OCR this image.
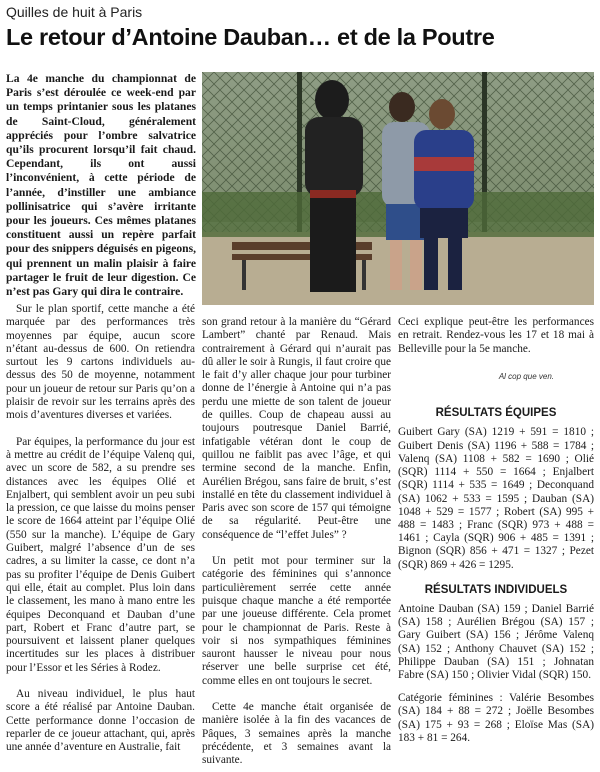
Quilles de huit à Paris
Le retour d’Antoine Dauban… et de la Poutre
La 4e manche du championnat de Paris s’est déroulée ce week-end par un temps printanier sous les platanes de Saint-Cloud, généralement appréciés pour l’ombre salvatrice qu’ils procurent lorsqu’il fait chaud. Cependant, ils ont aussi l’inconvénient, à cette période de l’année, d’instiller une ambiance pollinisatrice qui s’avère irritante pour les joueurs. Ces mêmes platanes constituent aussi un repère parfait pour des snippers déguisés en pigeons, qui prennent un malin plaisir à faire partager le fruit de leur digestion. Ce n’est pas Gary qui dira le contraire.

Sur le plan sportif, cette manche a été marquée par des performances très moyennes par équipe, aucun score n’étant au-dessus de 600. On retiendra surtout les 9 cartons individuels au-dessus des 50 de moyenne, notamment pour un joueur de retour sur Paris qu’on a plaisir de revoir sur les terrains après des mois d’aventures diverses et variées.

Par équipes, la performance du jour est à mettre au crédit de l’équipe Valenq qui, avec un score de 582, a su prendre ses distances avec les équipes Olié et Enjalbert, qui semblent avoir un peu subi la pression, ce que laisse du moins penser le score de 1664 atteint par l’équipe Olié (550 sur la manche). L’équipe de Gary Guibert, malgré l’absence d’un de ses cadres, a su limiter la casse, ce dont n’a pas su profiter l’équipe de Denis Guibert qui elle, était au complet. Plus loin dans le classement, les mano à mano entre les équipes Deconquand et Dauban d’une part, Robert et Franc d’autre part, se poursuivent et laissent planer quelques incertitudes sur les places à distribuer pour l’Essor et les Séries à Rodez.

Au niveau individuel, le plus haut score a été réalisé par Antoine Dauban. Cette performance donne l’occasion de reparler de ce joueur attachant, qui, après une année d’aventure en Australie, fait

son grand retour à la manière du “Gérard Lambert” chanté par Renaud. Mais contrairement à Gérard qui n’aurait pas dû aller le soir à Rungis, il faut croire que le fait d’y aller chaque jour pour turbiner donne de l’énergie à Antoine qui n’a pas perdu une miette de son talent de joueur de quilles. Coup de chapeau aussi au toujours poutresque Daniel Barrié, infatigable vétéran dont le coup de quillou ne faiblit pas avec l’âge, et qui termine second de la manche. Enfin, Aurélien Brégou, sans faire de bruit, s’est installé en tête du classement individuel à Paris avec son score de 157 qui témoigne de sa régularité. Peut-être une conséquence de “l’effet Jules” ?

Un petit mot pour terminer sur la catégorie des féminines qui s’annonce particulièrement serrée cette année puisque chaque manche a été remportée par une joueuse différente. Cela promet pour le championnat de Paris. Reste à voir si nos sympathiques féminines sauront hausser le niveau pour nous réserver une belle surprise cet été, comme elles en ont toujours le secret.

Cette 4e manche était organisée de manière isolée à la fin des vacances de Pâques, 3 semaines après la manche précédente, et 3 semaines avant la suivante.

Ceci explique peut-être les performances en retrait. Rendez-vous les 17 et 18 mai à Belleville pour la 5e manche.

Al cop que ven.
RÉSULTATS ÉQUIPES
Guibert Gary (SA) 1219 + 591 = 1810 ; Guibert Denis (SA) 1196 + 588 = 1784 ; Valenq (SA) 1108 + 582 = 1690 ; Olié (SQR) 1114 + 550 = 1664 ; Enjalbert (SQR) 1114 + 535 = 1649 ; Deconquand (SA) 1062 + 533 = 1595 ; Dauban (SA) 1048 + 529 = 1577 ; Robert (SA) 995 + 488 = 1483 ; Franc (SQR) 973 + 488 = 1461 ; Cayla (SQR) 906 + 485 = 1391 ; Bignon (SQR) 856 + 471 = 1327 ; Pezet (SQR) 869 + 426 = 1295.
RÉSULTATS INDIVIDUELS
Antoine Dauban (SA) 159 ; Daniel Barrié (SA) 158 ; Aurélien Brégou (SA) 157 ; Gary Guibert (SA) 156 ; Jérôme Valenq (SA) 152 ; Anthony Chauvet (SA) 152 ; Philippe Dauban (SA) 151 ; Johnatan Fabre (SA) 150 ; Olivier Vidal (SQR) 150.
Catégorie féminines : Valérie Besombes (SA) 184 + 88 = 272 ; Joëlle Besombes (SA) 175 + 93 = 268 ; Eloïse Mas (SA) 183 + 81 = 264.
